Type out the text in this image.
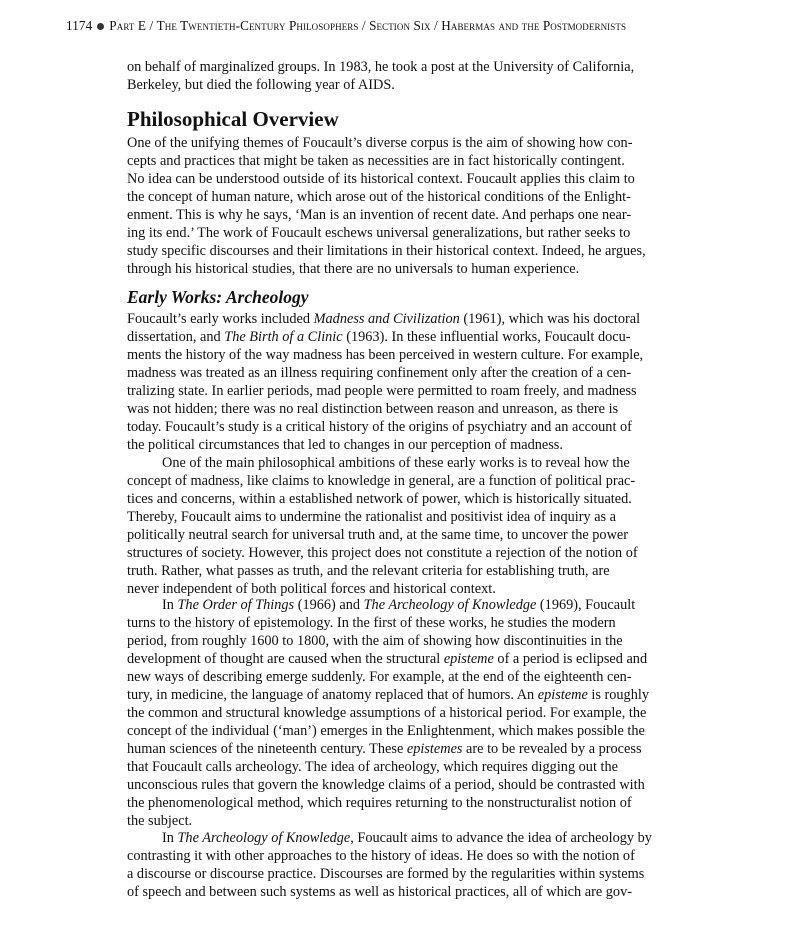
1174 Part E / The Twentieth-Century Philosophers / Section Six / Habermas and the Postmodernists
on behalf of marginalized groups. In 1983, he took a post at the University of California,
Berkeley, but died the following year of AIDS.
Philosophical Overview
One of the unifying themes of Foucault’s diverse corpus is the aim of showing how con-
cepts and practices that might be taken as necessities are in fact historically contingent.
No idea can be understood outside of its historical context. Foucault applies this claim to
the concept of human nature, which arose out of the historical conditions of the Enlight-
enment. This is why he says, ‘Man is an invention of recent date. And perhaps one near-
ing its end.’ The work of Foucault eschews universal generalizations, but rather seeks to
study specific discourses and their limitations in their historical context. Indeed, he argues,
through his historical studies, that there are no universals to human experience.
Early Works: Archeology
Foucault’s early works included Madness and Civilization (1961), which was his doctoral
dissertation, and The Birth of a Clinic (1963). In these influential works, Foucault docu-
ments the history of the way madness has been perceived in western culture. For example,
madness was treated as an illness requiring confinement only after the creation of a cen-
tralizing state. In earlier periods, mad people were permitted to roam freely, and madness
was not hidden; there was no real distinction between reason and unreason, as there is
today. Foucault’s study is a critical history of the origins of psychiatry and an account of
the political circumstances that led to changes in our perception of madness.
One of the main philosophical ambitions of these early works is to reveal how the
concept of madness, like claims to knowledge in general, are a function of political prac-
tices and concerns, within a established network of power, which is historically situated.
Thereby, Foucault aims to undermine the rationalist and positivist idea of inquiry as a
politically neutral search for universal truth and, at the same time, to uncover the power
structures of society. However, this project does not constitute a rejection of the notion of
truth. Rather, what passes as truth, and the relevant criteria for establishing truth, are
never independent of both political forces and historical context.
In The Order of Things (1966) and The Archeology of Knowledge (1969), Foucault
turns to the history of epistemology. In the first of these works, he studies the modern
period, from roughly 1600 to 1800, with the aim of showing how discontinuities in the
development of thought are caused when the structural episteme of a period is eclipsed and
new ways of describing emerge suddenly. For example, at the end of the eighteenth cen-
tury, in medicine, the language of anatomy replaced that of humors. An episteme is roughly
the common and structural knowledge assumptions of a historical period. For example, the
concept of the individual (‘man’) emerges in the Enlightenment, which makes possible the
human sciences of the nineteenth century. These epistemes are to be revealed by a process
that Foucault calls archeology. The idea of archeology, which requires digging out the
unconscious rules that govern the knowledge claims of a period, should be contrasted with
the phenomenological method, which requires returning to the nonstructuralist notion of
the subject.
In The Archeology of Knowledge, Foucault aims to advance the idea of archeology by
contrasting it with other approaches to the history of ideas. He does so with the notion of
a discourse or discourse practice. Discourses are formed by the regularities within systems
of speech and between such systems as well as historical practices, all of which are gov-
